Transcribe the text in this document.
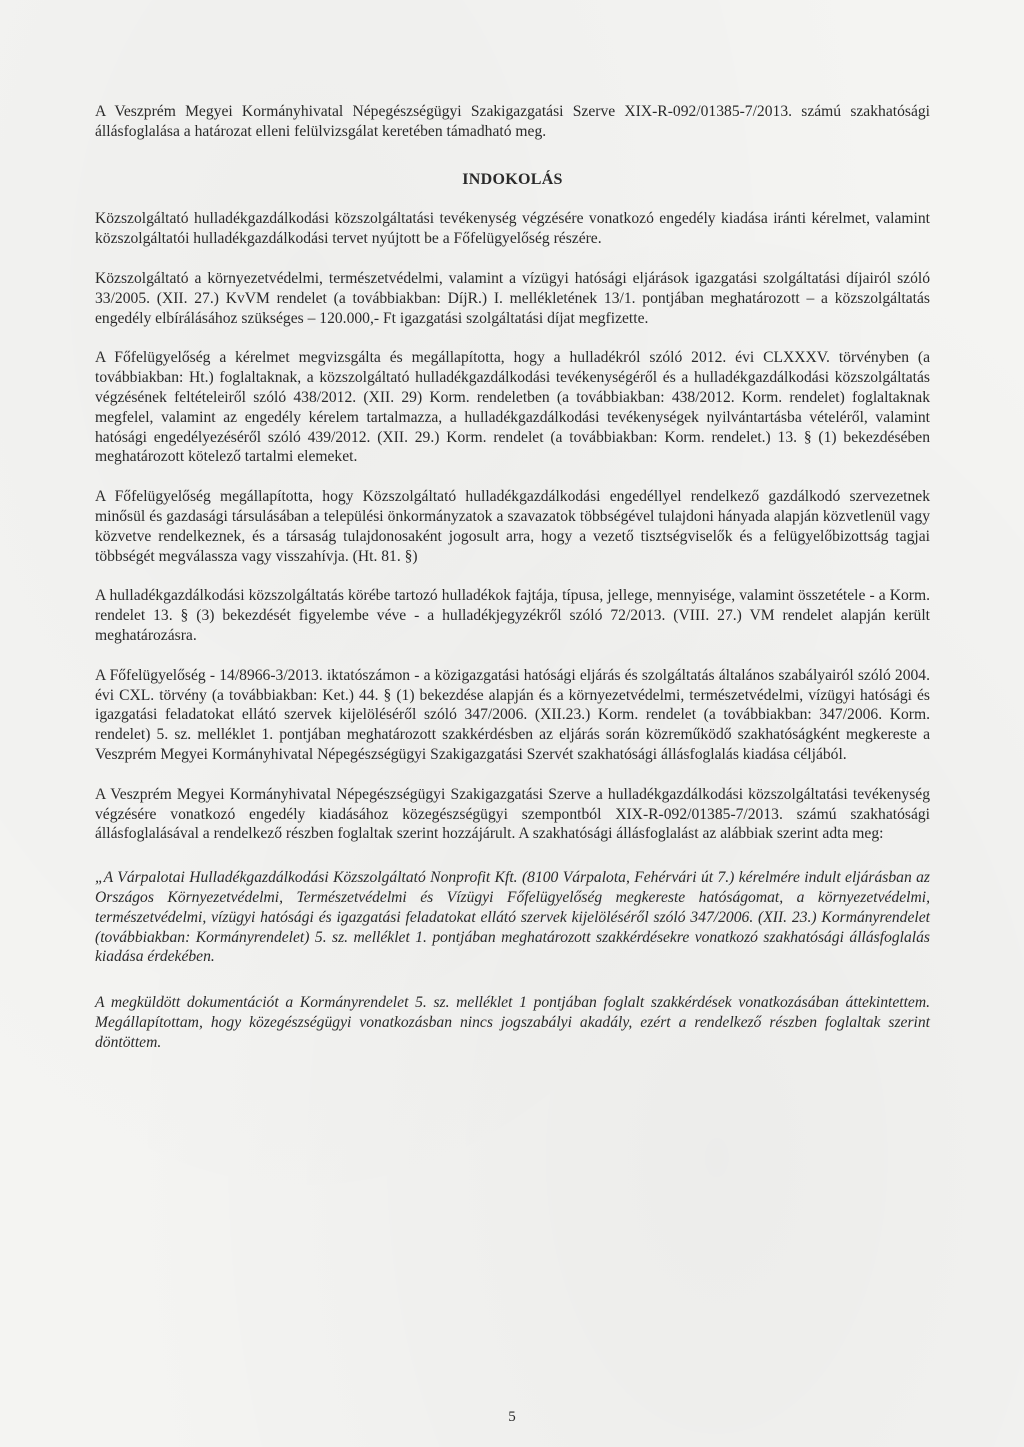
A Veszprém Megyei Kormányhivatal Népegészségügyi Szakigazgatási Szerve XIX-R-092/01385-7/2013. számú szakhatósági állásfoglalása a határozat elleni felülvizsgálat keretében támadható meg.

INDOKOLÁS

Közszolgáltató hulladékgazdálkodási közszolgáltatási tevékenység végzésére vonatkozó engedély kiadása iránti kérelmet, valamint közszolgáltatói hulladékgazdálkodási tervet nyújtott be a Főfelügyelőség részére.

Közszolgáltató a környezetvédelmi, természetvédelmi, valamint a vízügyi hatósági eljárások igazgatási szolgáltatási díjairól szóló 33/2005. (XII. 27.) KvVM rendelet (a továbbiakban: DíjR.) I. mellékletének 13/1. pontjában meghatározott – a közszolgáltatás engedély elbírálásához szükséges – 120.000,- Ft igazgatási szolgáltatási díjat megfizette.

A Főfelügyelőség a kérelmet megvizsgálta és megállapította, hogy a hulladékról szóló 2012. évi CLXXXV. törvényben (a továbbiakban: Ht.) foglaltaknak, a közszolgáltató hulladékgazdálkodási tevékenységéről és a hulladékgazdálkodási közszolgáltatás végzésének feltételeiről szóló 438/2012. (XII. 29) Korm. rendeletben (a továbbiakban: 438/2012. Korm. rendelet) foglaltaknak megfelel, valamint az engedély kérelem tartalmazza, a hulladékgazdálkodási tevékenységek nyilvántartásba vételéről, valamint hatósági engedélyezéséről szóló 439/2012. (XII. 29.) Korm. rendelet (a továbbiakban: Korm. rendelet.) 13. § (1) bekezdésében meghatározott kötelező tartalmi elemeket.

A Főfelügyelőség megállapította, hogy Közszolgáltató hulladékgazdálkodási engedéllyel rendelkező gazdálkodó szervezetnek minősül és gazdasági társulásában a települési önkormányzatok a szavazatok többségével tulajdoni hányada alapján közvetlenül vagy közvetve rendelkeznek, és a társaság tulajdonosaként jogosult arra, hogy a vezető tisztségviselők és a felügyelőbizottság tagjai többségét megválassza vagy visszahívja. (Ht. 81. §)

A hulladékgazdálkodási közszolgáltatás körébe tartozó hulladékok fajtája, típusa, jellege, mennyisége, valamint összetétele - a Korm. rendelet 13. § (3) bekezdését figyelembe véve - a hulladékjegyzékről szóló 72/2013. (VIII. 27.) VM rendelet alapján került meghatározásra.

A Főfelügyelőség - 14/8966-3/2013. iktatószámon - a közigazgatási hatósági eljárás és szolgáltatás általános szabályairól szóló 2004. évi CXL. törvény (a továbbiakban: Ket.) 44. § (1) bekezdése alapján és a környezetvédelmi, természetvédelmi, vízügyi hatósági és igazgatási feladatokat ellátó szervek kijelöléséről szóló 347/2006. (XII.23.) Korm. rendelet (a továbbiakban: 347/2006. Korm. rendelet) 5. sz. melléklet 1. pontjában meghatározott szakkérdésben az eljárás során közreműködő szakhatóságként megkereste a Veszprém Megyei Kormányhivatal Népegészségügyi Szakigazgatási Szervét szakhatósági állásfoglalás kiadása céljából.

A Veszprém Megyei Kormányhivatal Népegészségügyi Szakigazgatási Szerve a hulladékgazdálkodási közszolgáltatási tevékenység végzésére vonatkozó engedély kiadásához közegészségügyi szempontból XIX-R-092/01385-7/2013. számú szakhatósági állásfoglalásával a rendelkező részben foglaltak szerint hozzájárult. A szakhatósági állásfoglalást az alábbiak szerint adta meg:

„A Várpalotai Hulladékgazdálkodási Közszolgáltató Nonprofit Kft. (8100 Várpalota, Fehérvári út 7.) kérelmére indult eljárásban az Országos Környezetvédelmi, Természetvédelmi és Vízügyi Főfelügyelőség megkereste hatóságomat, a környezetvédelmi, természetvédelmi, vízügyi hatósági és igazgatási feladatokat ellátó szervek kijelöléséről szóló 347/2006. (XII. 23.) Kormányrendelet (továbbiakban: Kormányrendelet) 5. sz. melléklet 1. pontjában meghatározott szakkérdésekre vonatkozó szakhatósági állásfoglalás kiadása érdekében.

A megküldött dokumentációt a Kormányrendelet 5. sz. melléklet 1 pontjában foglalt szakkérdések vonatkozásában áttekintettem. Megállapítottam, hogy közegészségügyi vonatkozásban nincs jogszabályi akadály, ezért a rendelkező részben foglaltak szerint döntöttem.

5
